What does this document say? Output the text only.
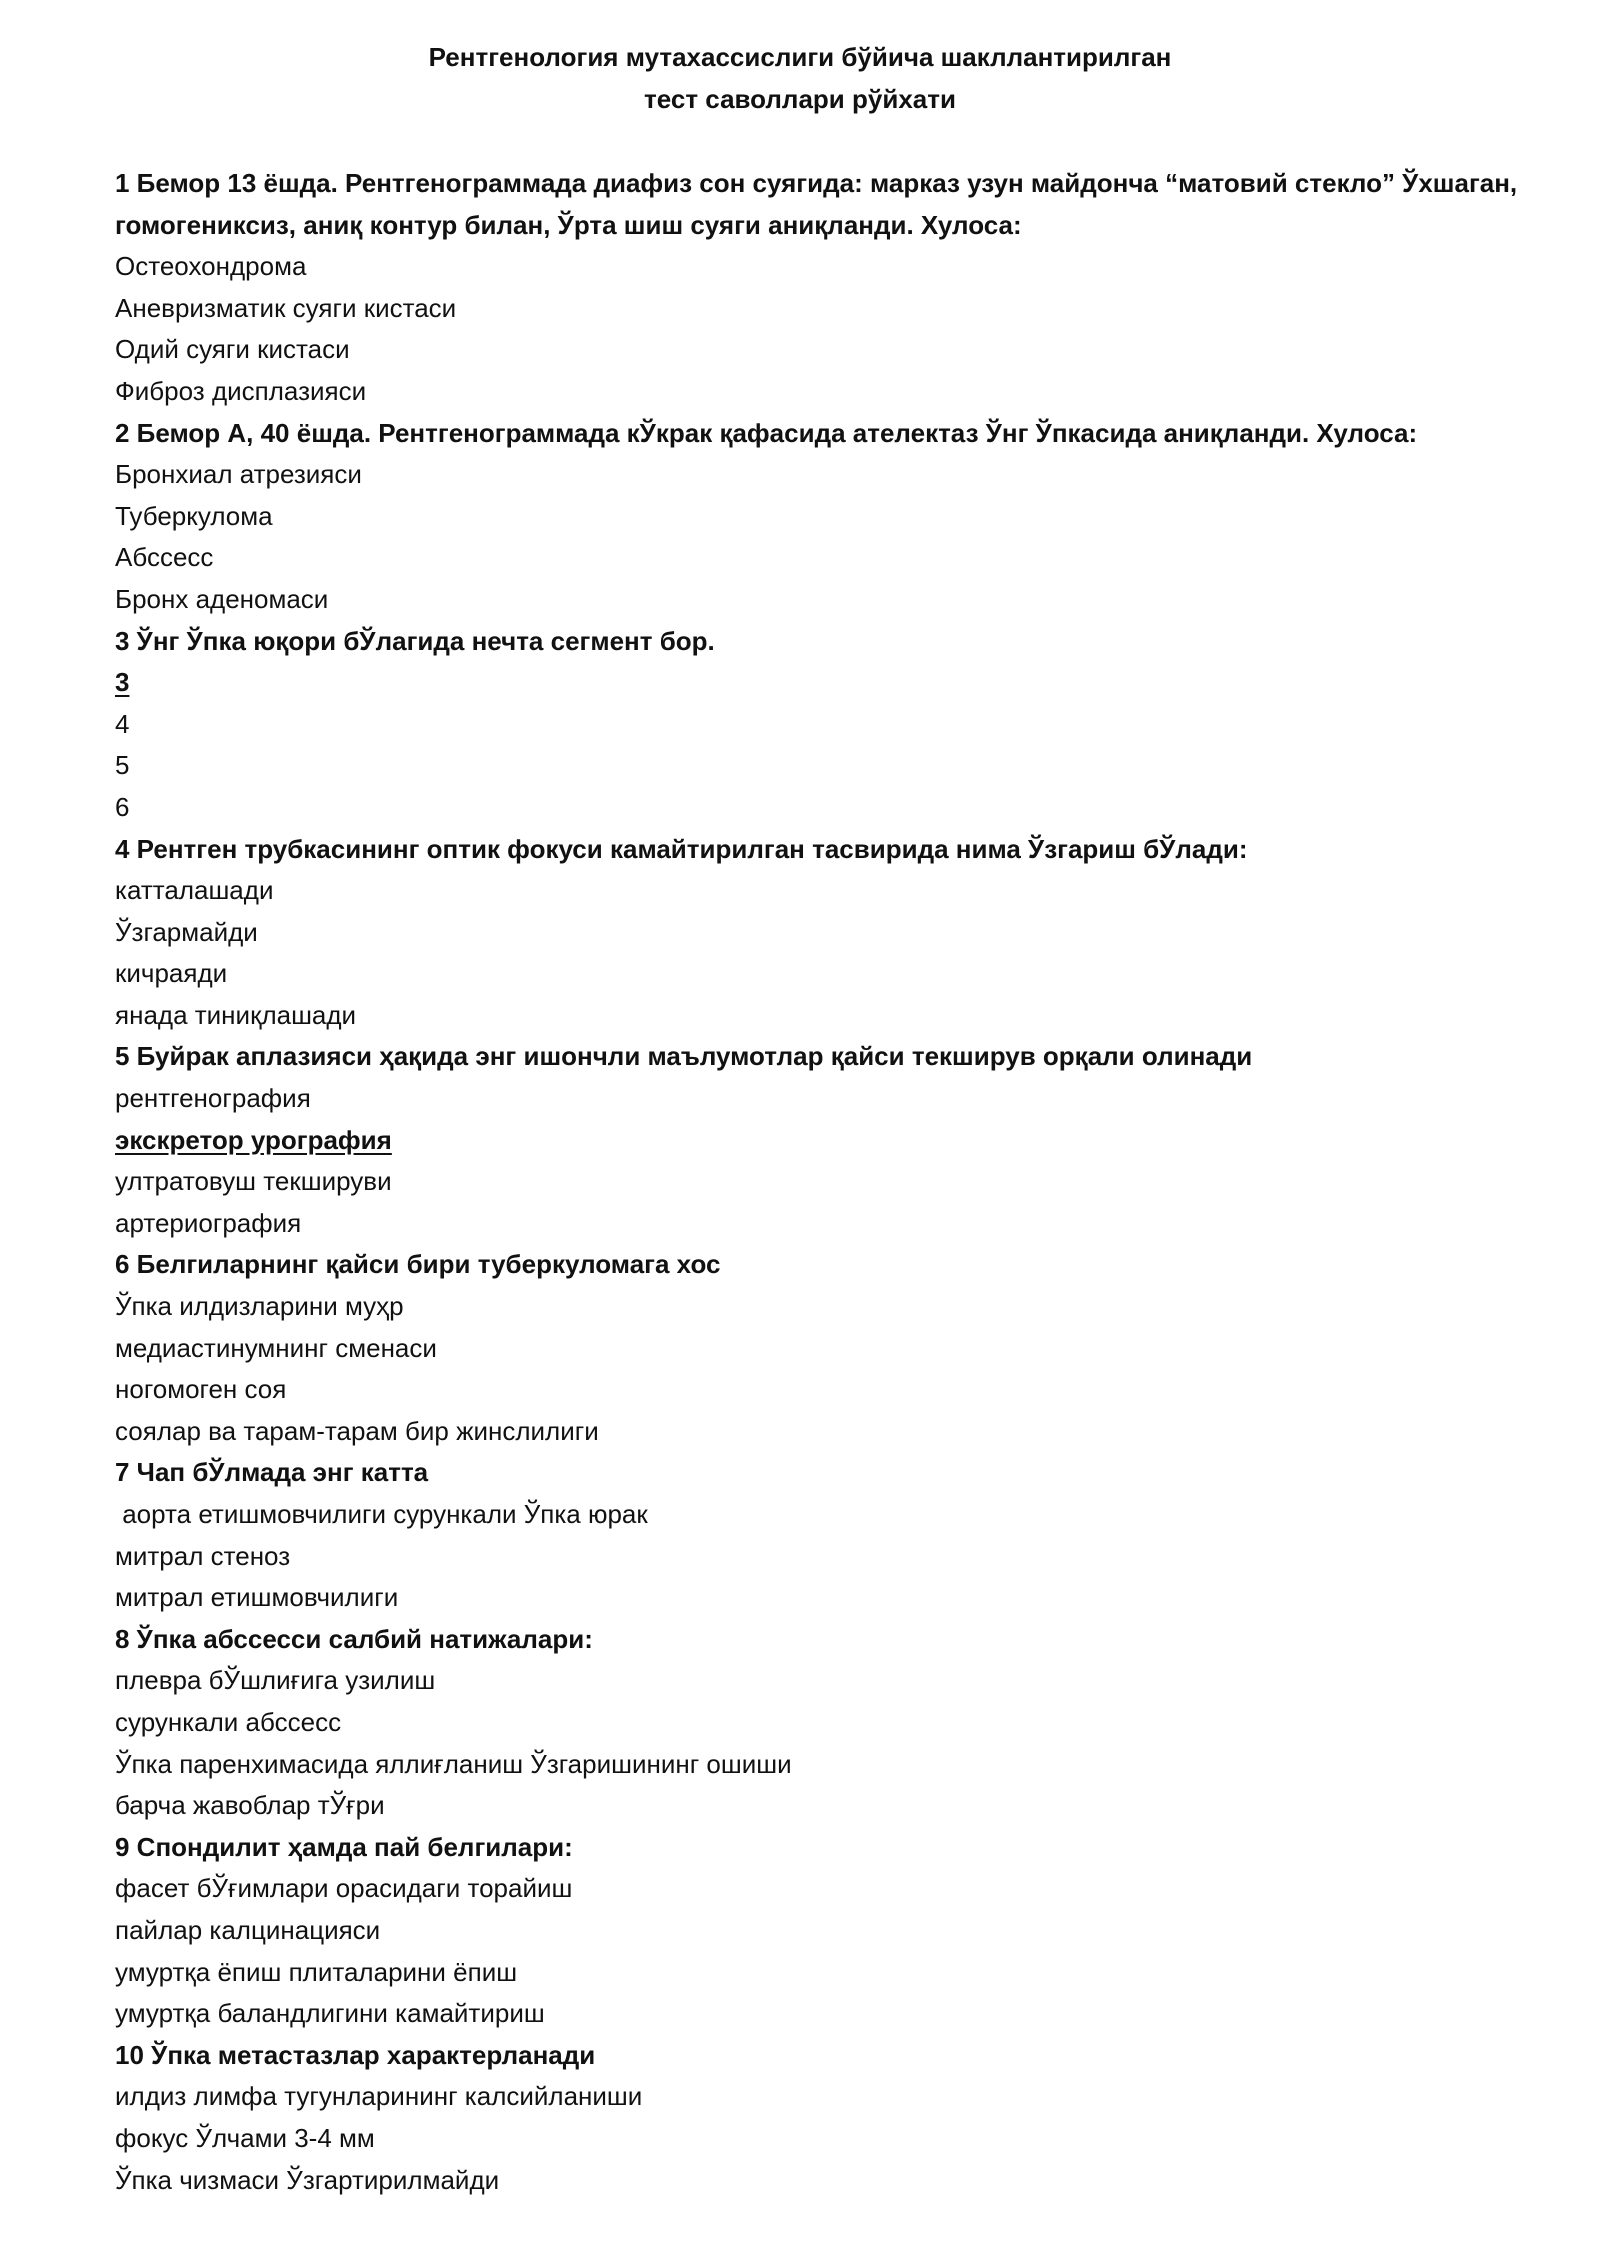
Рентгенология мутахассислиги бўйича шакллантирилган
тест саволлари рўйхати

1 Бемор 13 ёшда. Рентгенограммада диафиз сон суягида: марказ узун майдонча “матовий стекло” Ўхшаган, гомогениксиз, аниқ контур билан, Ўрта шиш суяги аниқланди. Хулоса:

Остеохондрома

Аневризматик суяги кистаси

Одий суяги кистаси

Фиброз дисплазияси

2 Бемор А, 40 ёшда. Рентгенограммада кЎкрак қафасида ателектаз Ўнг Ўпкасида аниқланди. Хулоса:

Бронхиал атрезияси

Туберкулома

Абссесс

Бронх аденомаси

3 Ўнг Ўпка юқори бЎлагида нечта сегмент бор.

3

4

5

6

4 Рентген трубкасининг оптик фокуси камайтирилган тасвирида нима Ўзгариш бЎлади:

катталашади

Ўзгармайди

кичраяди

янада тиниқлашади

5 Буйрак аплазияси ҳақида энг ишончли маълумотлар қайси текширув орқали олинади

рентгенография

экскретор урография

ултратовуш текшируви

артериография

6 Белгиларнинг қайси бири туберкуломага хос

Ўпка илдизларини муҳр

медиастинумнинг сменаси

ногомоген соя

соялар ва тарам-тарам бир жинслилиги

7 Чап бЎлмада энг катта

аорта етишмовчилиги сурункали Ўпка юрак

митрал стеноз

митрал етишмовчилиги

8 Ўпка абссесси салбий натижалари:

плевра бЎшлиғига узилиш

сурункали абссесс

Ўпка паренхимасида яллиғланиш Ўзгаришининг ошиши

барча жавоблар тЎғри

9 Спондилит ҳамда пай белгилари:

фасет бЎғимлари орасидаги торайиш

пайлар калцинацияси

умуртқа ёпиш плиталарини ёпиш

умуртқа баландлигини камайтириш

10 Ўпка метастазлар характерланади

илдиз лимфа тугунларининг калсийланиши

фокус Ўлчами 3-4 мм

Ўпка чизмаси Ўзгартирилмайди
